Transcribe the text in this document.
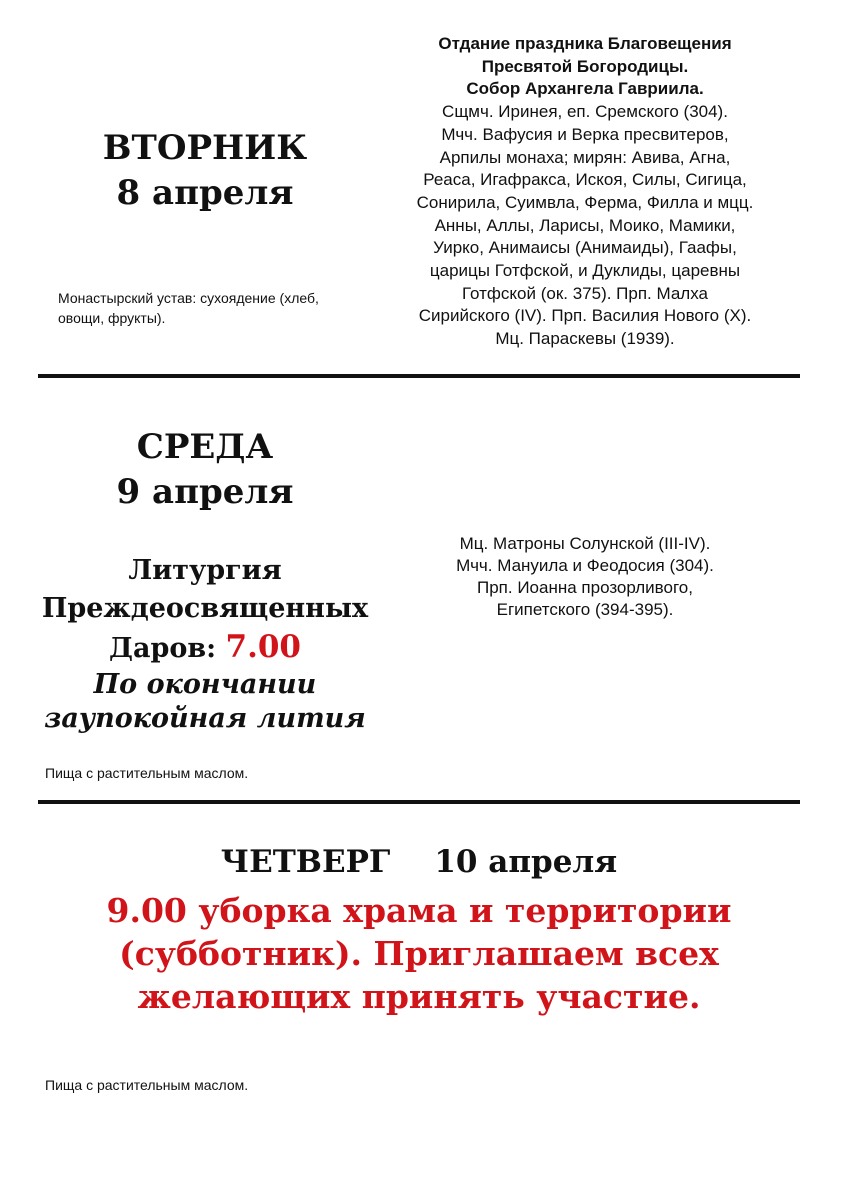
ВТОРНИК
8 апреля
Монастырский устав: сухоядение (хлеб, овощи, фрукты).
Отдание праздника Благовещения
Пресвятой Богородицы.
Собор Архангела Гавриила.
Сщмч. Иринея, еп. Сремского (304).
Мчч. Вафусия и Верка пресвитеров,
Арпилы монаха; мирян: Авива, Агна,
Реаса, Игафракса, Искоя, Силы, Сигица,
Сонирила, Суимвла, Ферма, Филла и мцц.
Анны, Аллы, Ларисы, Моико, Мамики,
Уирко, Анимаисы (Анимаиды), Гаафы,
царицы Готфской, и Дуклиды, царевны
Готфской (ок. 375). Прп. Малха
Сирийского (IV). Прп. Василия Нового (X).
Мц. Параскевы (1939).
СРЕДА
9 апреля
Литургия
Преждеосвященных
Даров: 7.00
По окончании
заупокойная лития
Мц. Матроны Солунской (III-IV).
Мчч. Мануила и Феодосия (304).
Прп. Иоанна прозорливого,
Египетского (394-395).
Пища с растительным маслом.
ЧЕТВЕРГ 10 апреля
9.00 уборка храма и территории
(субботник). Приглашаем всех
желающих принять участие.
Пища с растительным маслом.
